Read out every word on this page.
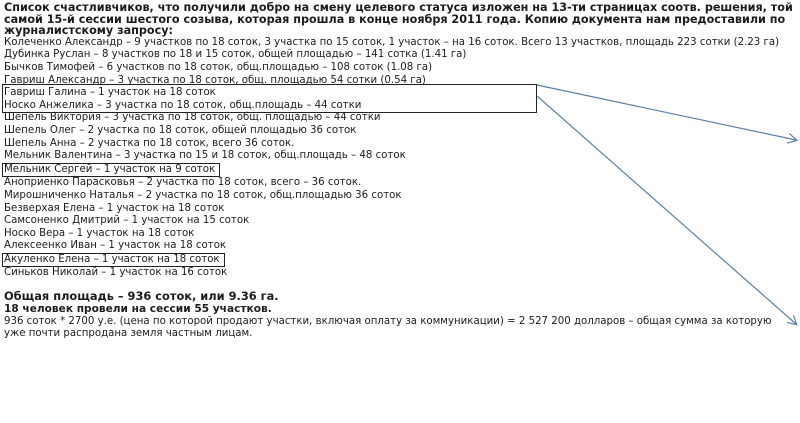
Список счастливчиков, что получили добро на смену целевого статуса изложен на 13-ти страницах соотв. решения, той самой 15-й сессии шестого созыва, которая прошла в конце ноября 2011 года. Копию документа нам предоставили по журналистскому запросу:

Колеченко Александр – 9 участков по 18 соток, 3 участка по 15 соток, 1 участок – на 16 соток. Всего 13 участков, площадь 223 сотки (2.23 га)
Дубинка Руслан – 8 участков по 18 и 15 соток, общей площадью – 141 сотка (1.41 га)
Бычков Тимофей – 6 участков по 18 соток, общ.площадью – 108 соток (1.08 га)
Гавриш Александр – 3 участка по 18 соток, общ. площадью 54 сотки (0.54 га)
Гавриш Галина – 1 участок на 18 соток
Носко Анжелика – 3 участка по 18 соток, общ.площадь – 44 сотки
Шепель Виктория – 3 участка по 18 соток, общ. площадью – 44 сотки
Шепель Олег – 2 участка по 18 соток, общей площадью 36 соток
Шепель Анна – 2 участка по 18 соток, всего 36 соток.
Мельник Валентина – 3 участка по 15 и 18 соток, общ.площадь – 48 соток
Мельник Сергей – 1 участок на 9 соток
Аноприенко Парасковья – 2 участка по 18 соток, всего – 36 соток.
Мирошниченко Наталья – 2 участка по 18 соток, общ.площадью 36 соток
Безверхая Елена – 1 участок на 18 соток
Самсоненко Дмитрий – 1 участок на 15 соток
Носко Вера – 1 участок на 18 соток
Алексеенко Иван – 1 участок на 18 соток
Акуленко Елена – 1 участок на 18 соток
Синьков Николай – 1 участок на 16 соток
Общая площадь – 936 соток, или 9.36 га.
18 человек провели на сессии 55 участков.
936 соток * 2700 у.е. (цена по которой продают участки, включая оплату за коммуникации) = 2 527 200 долларов – общая сумма за которую уже почти распродана земля частным лицам.
